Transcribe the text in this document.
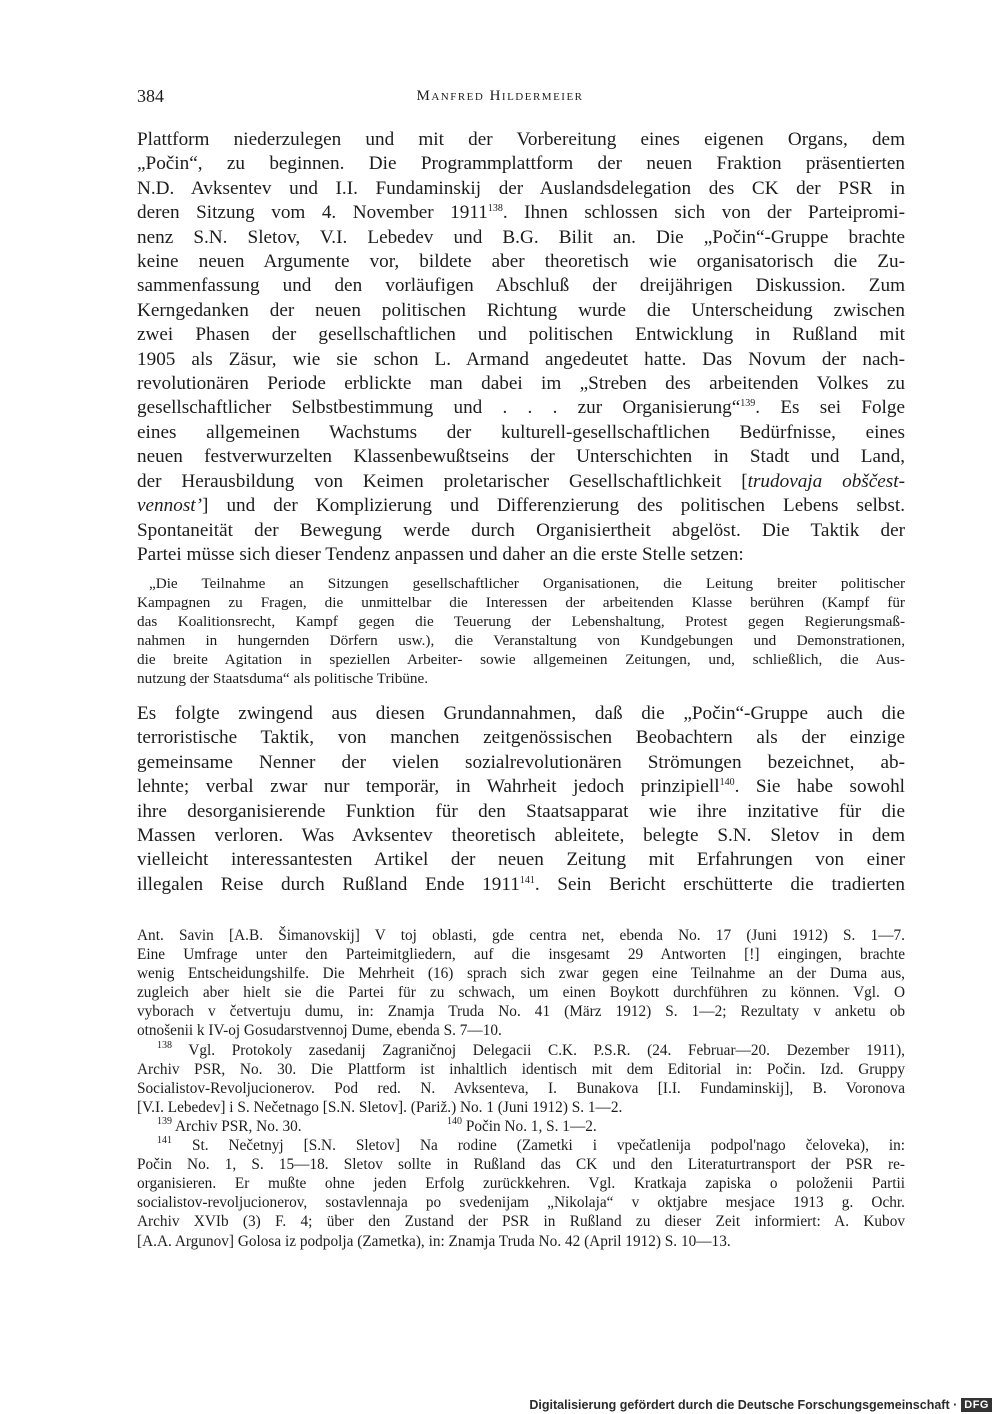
384	Manfred Hildermeier
Plattform niederzulegen und mit der Vorbereitung eines eigenen Organs, dem
„Počin“, zu beginnen. Die Programmplattform der neuen Fraktion präsentierten
N.D. Avksentev und I.I. Fundaminskij der Auslandsdelegation des CK der PSR in
deren Sitzung vom 4. November 1911$^{138}$. Ihnen schlossen sich von der Parteipromi-
nenz S.N. Sletov, V.I. Lebedev und B.G. Bilit an. Die „Počin“-Gruppe brachte
keine neuen Argumente vor, bildete aber theoretisch wie organisatorisch die Zu-
sammenfassung und den vorläufigen Abschluß der dreijährigen Diskussion. Zum
Kerngedanken der neuen politischen Richtung wurde die Unterscheidung zwischen
zwei Phasen der gesellschaftlichen und politischen Entwicklung in Rußland mit
1905 als Zäsur, wie sie schon L. Armand angedeutet hatte. Das Novum der nach-
revolutionären Periode erblickte man dabei im „Streben des arbeitenden Volkes zu
gesellschaftlicher Selbstbestimmung und . . . zur Organisierung“$^{139}$. Es sei Folge
eines allgemeinen Wachstums der kulturell-gesellschaftlichen Bedürfnisse, eines
neuen festverwurzelten Klassenbewußtseins der Unterschichten in Stadt und Land,
der Herausbildung von Keimen proletarischer Gesellschaftlichkeit [trudovaja obščest-
vennost’] und der Komplizierung und Differenzierung des politischen Lebens selbst.
Spontaneität der Bewegung werde durch Organisiertheit abgelöst. Die Taktik der
Partei müsse sich dieser Tendenz anpassen und daher an die erste Stelle setzen:
„Die Teilnahme an Sitzungen gesellschaftlicher Organisationen, die Leitung breiter politischer
Kampagnen zu Fragen, die unmittelbar die Interessen der arbeitenden Klasse berühren (Kampf für
das Koalitionsrecht, Kampf gegen die Teuerung der Lebenshaltung, Protest gegen Regierungsmaß-
nahmen in hungernden Dörfern usw.), die Veranstaltung von Kundgebungen und Demonstrationen,
die breite Agitation in speziellen Arbeiter- sowie allgemeinen Zeitungen, und, schließlich, die Aus-
nutzung der Staatsduma“ als politische Tribüne.
Es folgte zwingend aus diesen Grundannahmen, daß die „Počin“-Gruppe auch die
terroristische Taktik, von manchen zeitgenössischen Beobachtern als der einzige
gemeinsame Nenner der vielen sozialrevolutionären Strömungen bezeichnet, ab-
lehnte; verbal zwar nur temporär, in Wahrheit jedoch prinzipiell$^{140}$. Sie habe sowohl
ihre desorganisierende Funktion für den Staatsapparat wie ihre inzitative für die
Massen verloren. Was Avksentev theoretisch ableitete, belegte S.N. Sletov in dem
vielleicht interessantesten Artikel der neuen Zeitung mit Erfahrungen von einer
illegalen Reise durch Rußland Ende 1911$^{141}$. Sein Bericht erschütterte die tradierten
Ant. Savin [A.B. Šimanovskij] V toj oblasti, gde centra net, ebenda No. 17 (Juni 1912) S. 1—7.
Eine Umfrage unter den Parteimitgliedern, auf die insgesamt 29 Antworten [!] eingingen, brachte
wenig Entscheidungshilfe. Die Mehrheit (16) sprach sich zwar gegen eine Teilnahme an der Duma aus,
zugleich aber hielt sie die Partei für zu schwach, um einen Boykott durchführen zu können. Vgl. O
vyborach v četvertuju dumu, in: Znamja Truda No. 41 (März 1912) S. 1—2; Rezultaty v anketu ob
otnošenii k IV-oj Gosudarstvennoj Dume, ebenda S. 7—10.
$^{138}$ Vgl. Protokoly zasedanij Zagraničnoj Delegacii C.K. P.S.R. (24. Februar—20. Dezember 1911),
Archiv PSR, No. 30. Die Plattform ist inhaltlich identisch mit dem Editorial in: Počin. Izd. Gruppy
Socialistov-Revoljucionerov. Pod red. N. Avksenteva, I. Bunakova [I.I. Fundaminskij], B. Voronova
[V.I. Lebedev] i S. Nečetnago [S.N. Sletov]. (Pariž.) No. 1 (Juni 1912) S. 1—2.
$^{139}$ Archiv PSR, No. 30.	$^{140}$ Počin No. 1, S. 1—2.
$^{141}$ St. Nečetnyj [S.N. Sletov] Na rodine (Zametki i vpečatlenija podpol'nago čeloveka), in:
Počin No. 1, S. 15—18. Sletov sollte in Rußland das CK und den Literaturtransport der PSR re-
organisieren. Er mußte ohne jeden Erfolg zurückkehren. Vgl. Kratkaja zapiska o položenii Partii
socialistov-revoljucionerov, sostavlennaja po svedenijam „Nikolaja“ v oktjabre mesjace 1913 g. Ochr.
Archiv XVIb (3) F. 4; über den Zustand der PSR in Rußland zu dieser Zeit informiert: A. Kubov
[A.A. Argunov] Golosa iz podpolja (Zametka), in: Znamja Truda No. 42 (April 1912) S. 10—13.
Digitalisierung gefördert durch die Deutsche Forschungsgemeinschaft · DFG
